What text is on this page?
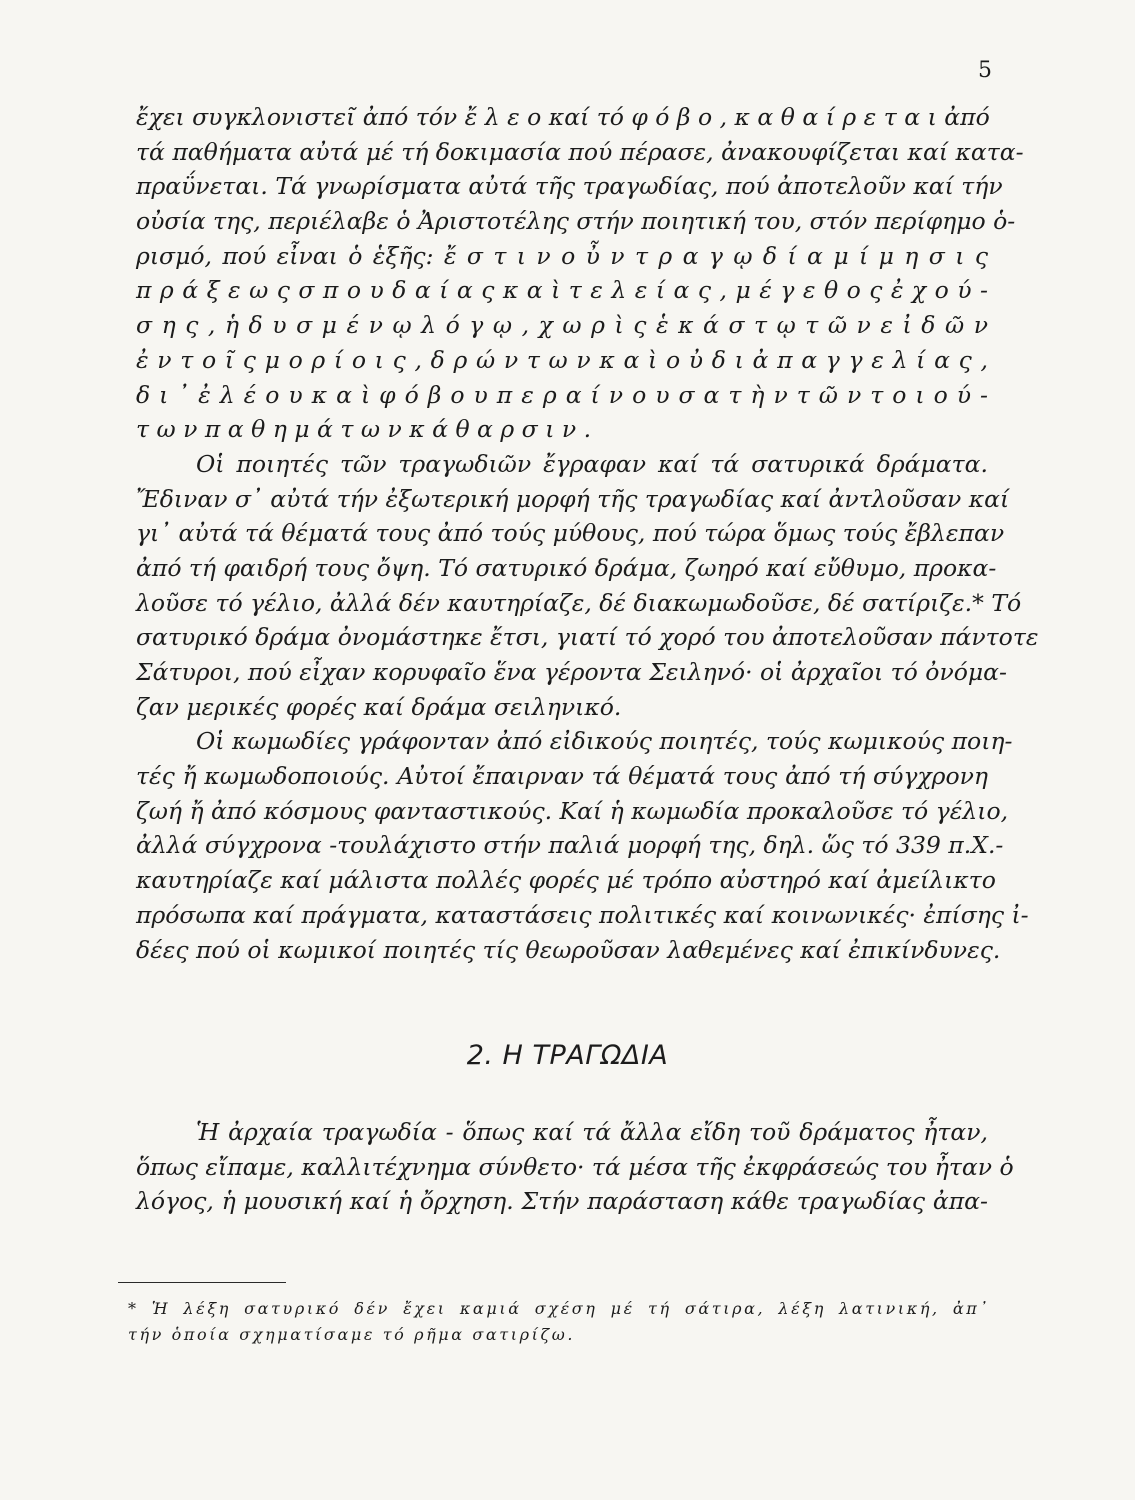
5
ἔχει συγκλονιστεῖ ἀπό τόν ἔ λ ε ο καί τό φ ό β ο , κ α θ α ί ρ ε τ α ι ἀπό
τά παθήματα αὐτά μέ τή δοκιμασία πού πέρασε, ἀνακουφίζεται καί κατα-
πραΰνεται. Τά γνωρίσματα αὐτά τῆς τραγωδίας, πού ἀποτελοῦν καί τήν
οὐσία της, περιέλαβε ὁ Ἀριστοτέλης στήν ποιητική του, στόν περίφημο ὁ-
ρισμό, πού εἶναι ὁ ἑξῆς: ἔ σ τ ι ν ο ὖ ν τ ρ α γ ῳ δ ί α μ ί μ η σ ι ς
π ρ ά ξ ε ω ς σ π ο υ δ α ί α ς κ α ὶ τ ε λ ε ί α ς , μ έ γ ε θ ο ς ἐ χ ο ύ -
σ η ς , ἡ δ υ σ μ έ ν ῳ λ ό γ ῳ , χ ω ρ ὶ ς ἑ κ ά σ τ ῳ τ ῶ ν ε ἰ δ ῶ ν
ἐ ν τ ο ῖ ς μ ο ρ ί ο ι ς , δ ρ ώ ν τ ω ν κ α ὶ ο ὐ δ ι ἀ π α γ γ ε λ ί α ς ,
δ ι ᾽ ἐ λ έ ο υ κ α ὶ φ ό β ο υ π ε ρ α ί ν ο υ σ α τ ὴ ν τ ῶ ν τ ο ι ο ύ -
τ ω ν π α θ η μ ά τ ω ν κ ά θ α ρ σ ι ν .
Οἱ ποιητές τῶν τραγωδιῶν ἔγραφαν καί τά σατυρικά δράματα.
Ἔδιναν σ᾽ αὐτά τήν ἐξωτερική μορφή τῆς τραγωδίας καί ἀντλοῦσαν καί
γι᾽ αὐτά τά θέματά τους ἀπό τούς μύθους, πού τώρα ὅμως τούς ἔβλεπαν
ἀπό τή φαιδρή τους ὄψη. Τό σατυρικό δράμα, ζωηρό καί εὔθυμο, προκα-
λοῦσε τό γέλιο, ἀλλά δέν καυτηρίαζε, δέ διακωμωδοῦσε, δέ σατίριζε.* Τό
σατυρικό δράμα ὀνομάστηκε ἔτσι, γιατί τό χορό του ἀποτελοῦσαν πάντοτε
Σάτυροι, πού εἶχαν κορυφαῖο ἕνα γέροντα Σειληνό· οἱ ἀρχαῖοι τό ὀνόμα-
ζαν μερικές φορές καί δράμα σειληνικό.
Οἱ κωμωδίες γράφονταν ἀπό εἰδικούς ποιητές, τούς κωμικούς ποιη-
τές ἤ κωμωδοποιούς. Αὐτοί ἔπαιρναν τά θέματά τους ἀπό τή σύγχρονη
ζωή ἤ ἀπό κόσμους φανταστικούς. Καί ἡ κωμωδία προκαλοῦσε τό γέλιο,
ἀλλά σύγχρονα -τουλάχιστο στήν παλιά μορφή της, δηλ. ὥς τό 339 π.Χ.-
καυτηρίαζε καί μάλιστα πολλές φορές μέ τρόπο αὐστηρό καί ἀμείλικτο
πρόσωπα καί πράγματα, καταστάσεις πολιτικές καί κοινωνικές· ἐπίσης ἰ-
δέες πού οἱ κωμικοί ποιητές τίς θεωροῦσαν λαθεμένες καί ἐπικίνδυνες.
2. Η ΤΡΑΓΩΔΙΑ
Ἡ ἀρχαία τραγωδία - ὅπως καί τά ἄλλα εἴδη τοῦ δράματος ἦταν,
ὅπως εἴπαμε, καλλιτέχνημα σύνθετο· τά μέσα τῆς ἐκφράσεώς του ἦταν ὁ
λόγος, ἡ μουσική καί ἡ ὄρχηση. Στήν παράσταση κάθε τραγωδίας ἀπα-
* Ἡ λέξη σατυρικό δέν ἔχει καμιά σχέση μέ τή σάτιρα, λέξη λατινική, ἀπ᾽
τήν ὁποία σχηματίσαμε τό ρῆμα σατιρίζω.
